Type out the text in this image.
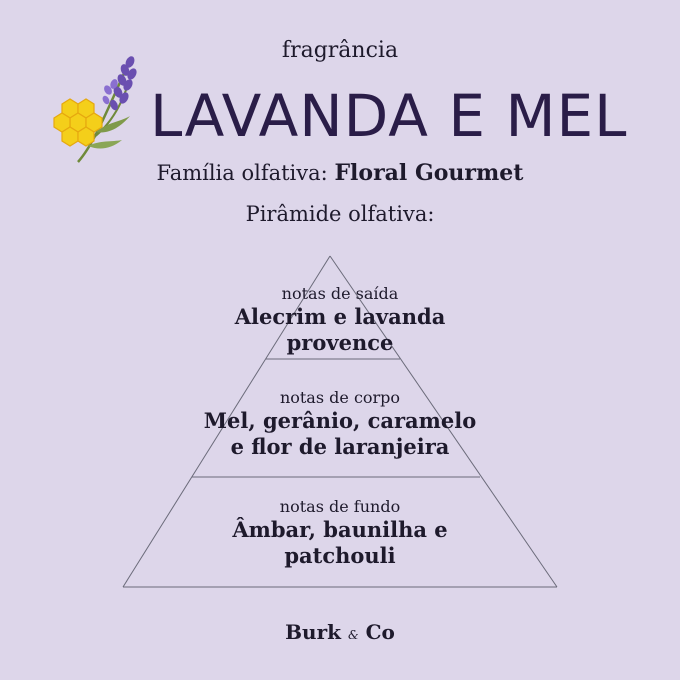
fragrância
LAVANDA E MEL
Família olfativa: Floral Gourmet
Pirâmide olfativa:
notas de saída
Alecrim e lavanda
provence
notas de corpo
Mel, gerânio, caramelo
e flor de laranjeira
notas de fundo
Âmbar, baunilha e
patchouli
Burk & Co
